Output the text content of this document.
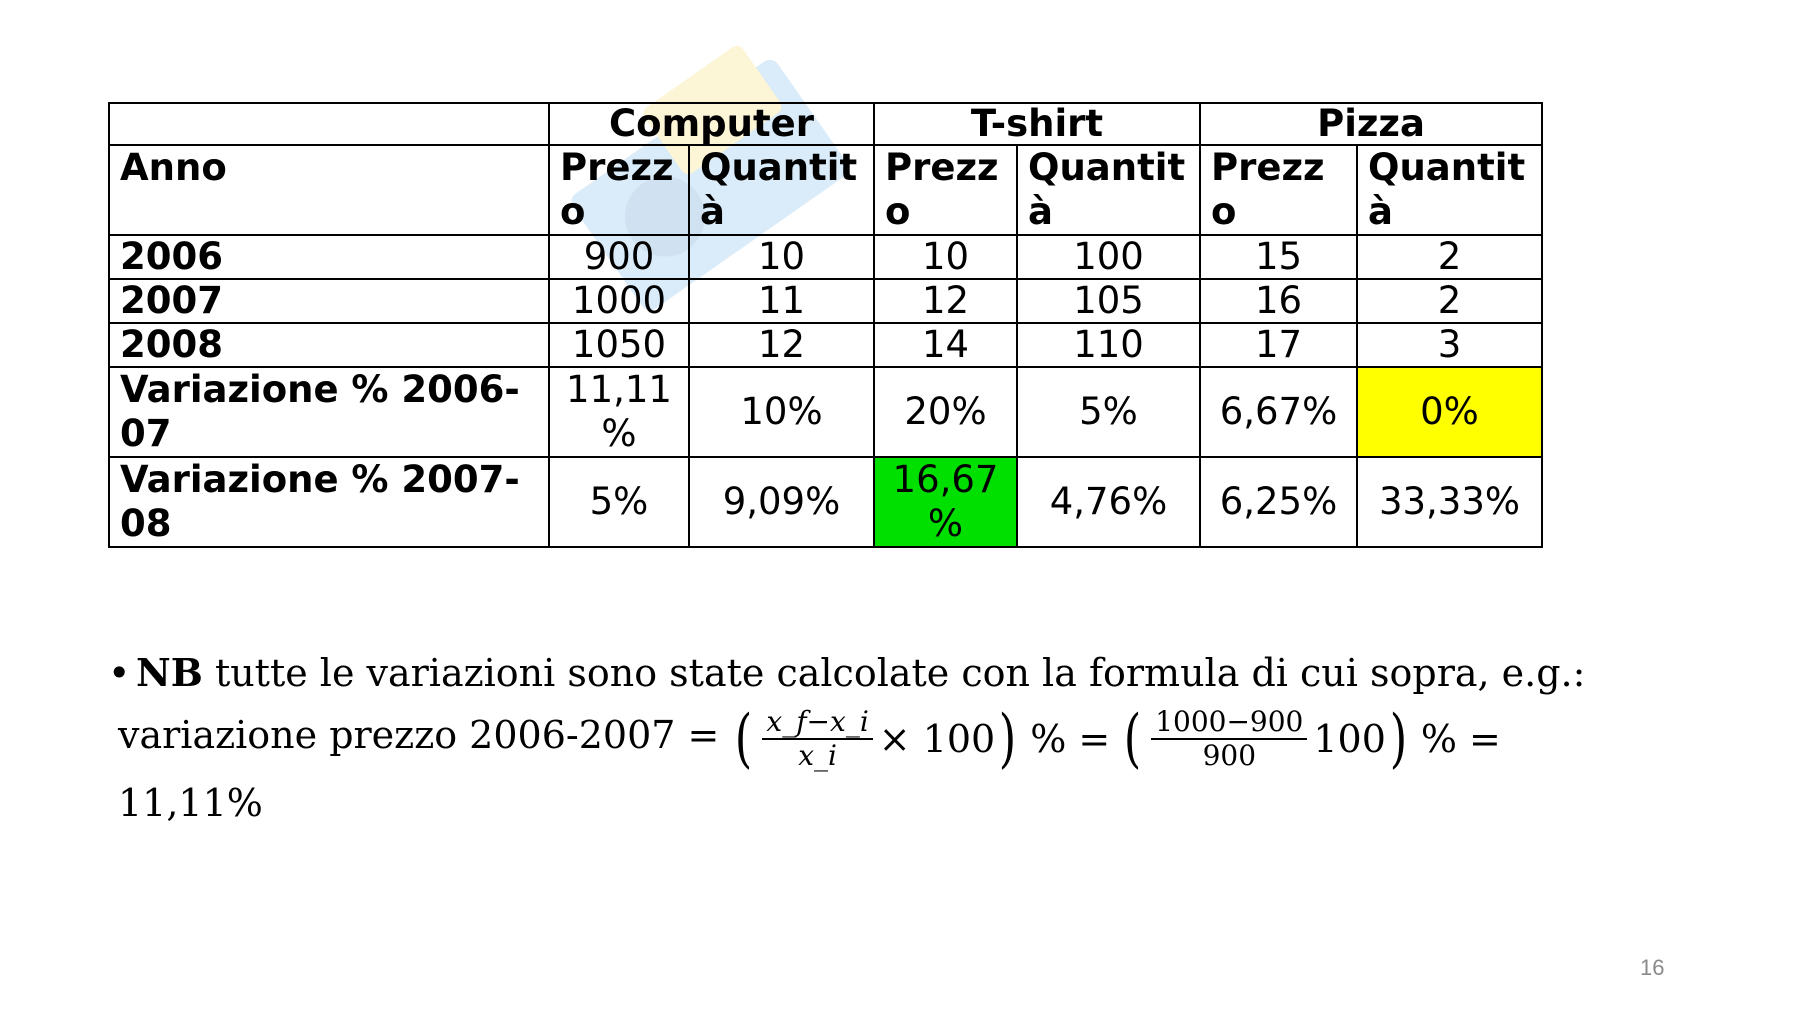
	Computer		T-shirt		Pizza	
Anno	Prezz o	Quantit à	Prezz o	Quantit à	Prezz o	Quantit à
2006	900	10	10	100	15	2
2007	1000	11	12	105	16	2
2008	1050	12	14	110	17	3
Variazione % 2006-07	11,11 %	10%	20%	5%	6,67%	0%
Variazione % 2007-08	5%	9,09%	16,67 %	4,76%	6,25%	33,33%
• NB tutte le variazioni sono state calcolate con la formula di cui sopra, e.g.:
variazione prezzo 2006-2007 = ( $\frac{x\_f-x\_i}{x\_i} \times 100$ ) % = ( $\frac{1000-900}{900} 100$ ) % =
11,11%
16
